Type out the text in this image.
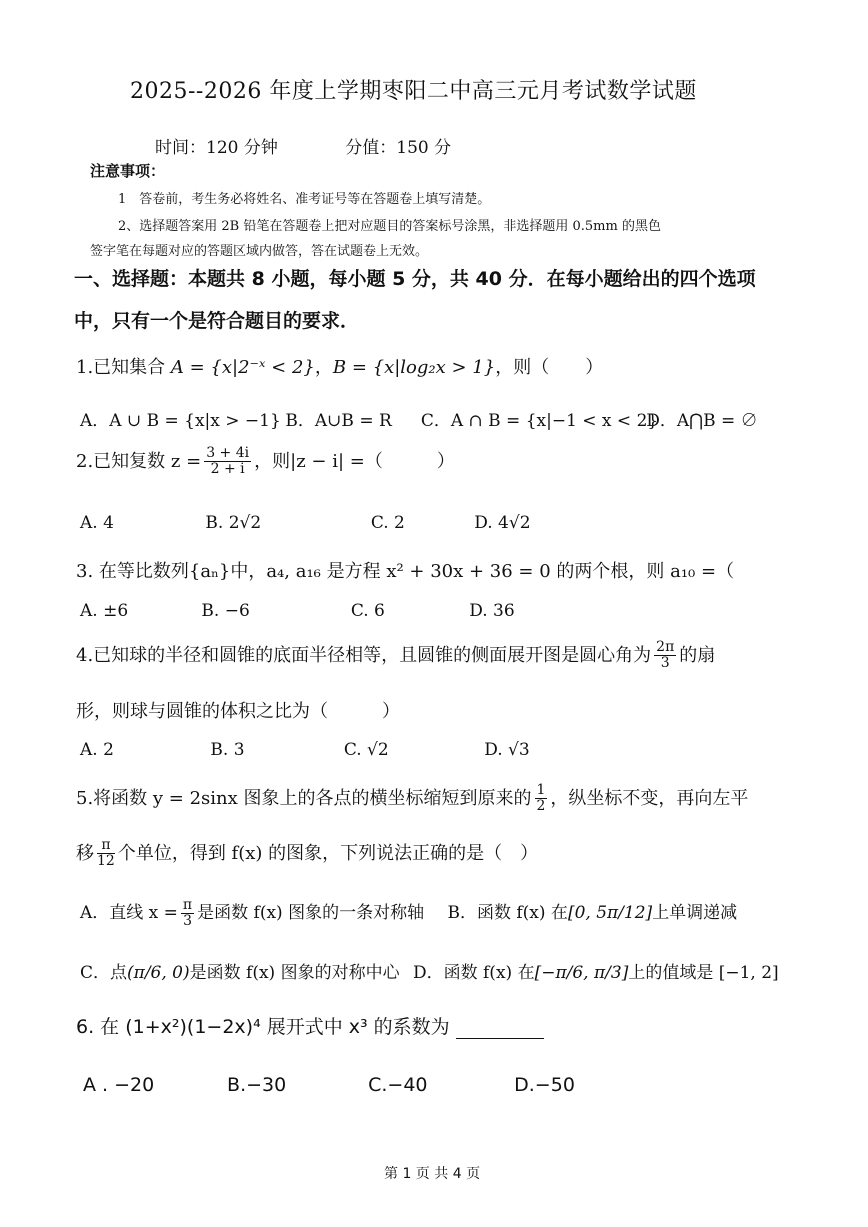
2025--2026 年度上学期枣阳二中高三元月考试数学试题
时间：120 分钟	分值：150 分
注意事项：
1　答卷前，考生务必将姓名、准考证号等在答题卷上填写清楚。
2、选择题答案用 2B 铅笔在答题卷上把对应题目的答案标号涂黑，非选择题用 0.5mm 的黑色
签字笔在每题对应的答题区域内做答，答在试题卷上无效。
一、选择题：本题共 8 小题，每小题 5 分，共 40 分．在每小题给出的四个选项
中，只有一个是符合题目的要求．
1.已知集合 A = {x|2⁻ˣ < 2}，B = {x|log₂x > 1}，则（　　）
A．A ∪ B = {x|x > −1} B．A∪B = R C．A ∩ B = {x|−1 < x < 2} D．A⋂B = ∅
2.已知复数 $z = \frac{3 + 4i}{2 + i}$ ，则|z − i| =（　　　）
A. 4	B. 2√2	C. 2	D. 4√2
3. 在等比数列{aₙ}中，a₄, a₁₆ 是方程 x² + 30x + 36 = 0 的两个根，则 a₁₀ =（
A. ±6	B. −6	C. 6	D. 36
4.已知球的半径和圆锥的底面半径相等，且圆锥的侧面展开图是圆心角为 $\frac{2\pi}{3}$ 的扇
形，则球与圆锥的体积之比为（　　　）
A. 2	B. 3	C. √2	D. √3
5.将函数 y = 2sinx 图象上的各点的横坐标缩短到原来的 $\frac{1}{2}$ ，纵坐标不变，再向左平
移 $\frac{\pi}{12}$ 个单位，得到 f(x) 的图象，下列说法正确的是（　）
A．直线 $x = \frac{\pi}{3}$ 是函数 f(x) 图象的一条对称轴 B．函数 f(x) 在[0, 5π/12]上单调递减
C．点(π/6, 0)是函数 f(x) 图象的对称中心 D．函数 f(x) 在[−π/6, π/3]上的值域是 [−1, 2]
6. 在 (1+x²)(1−2x)⁴ 展开式中 x³ 的系数为
A . −20	B.−30	C.−40	D.−50
第 1 页 共 4 页
